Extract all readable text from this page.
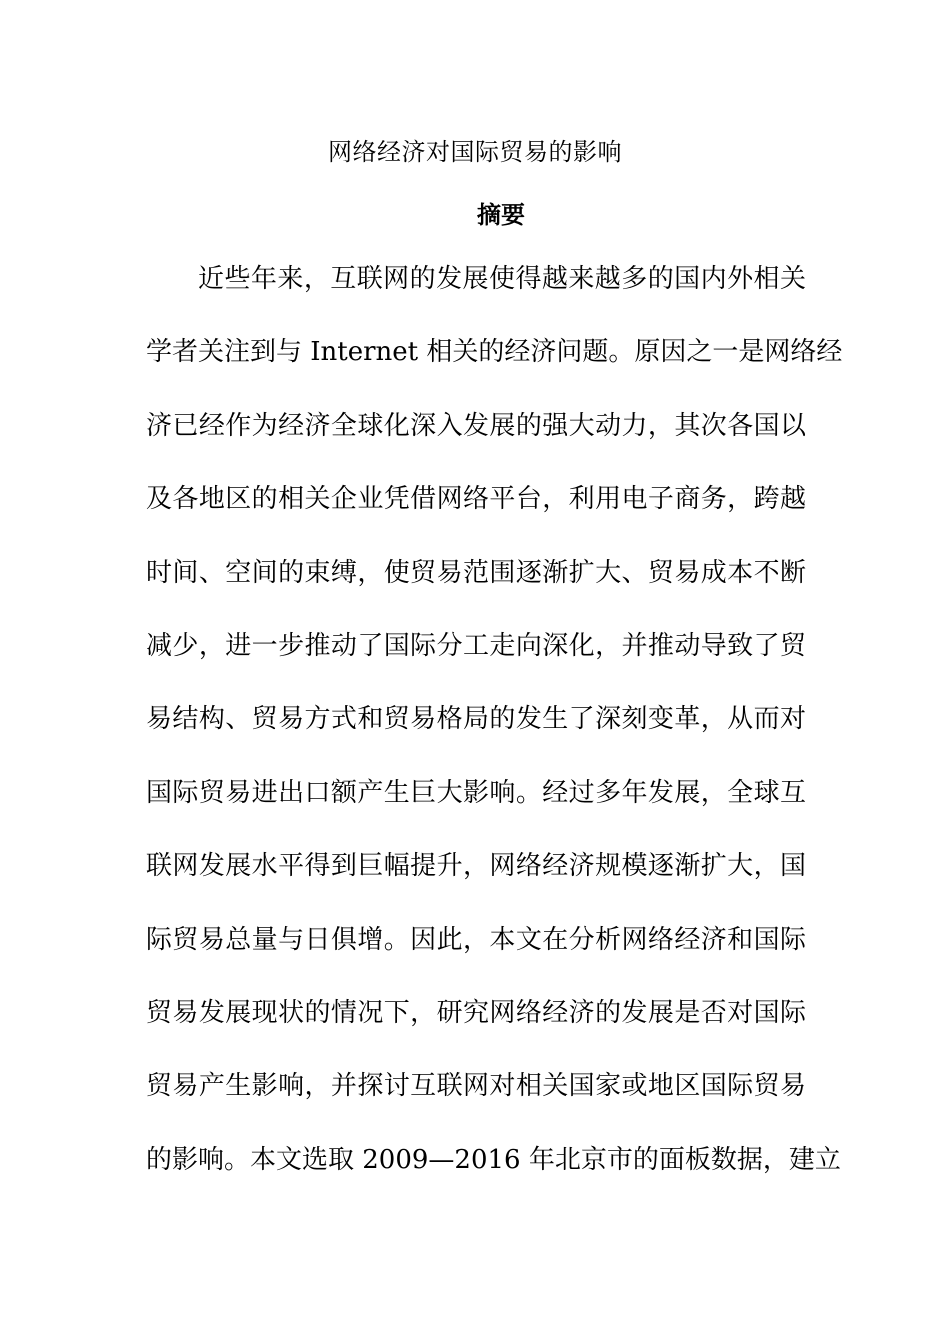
网络经济对国际贸易的影响
摘要
近些年来，互联网的发展使得越来越多的国内外相关
学者关注到与 Internet 相关的经济问题。原因之一是网络经
济已经作为经济全球化深入发展的强大动力，其次各国以
及各地区的相关企业凭借网络平台，利用电子商务，跨越
时间、空间的束缚，使贸易范围逐渐扩大、贸易成本不断
减少，进一步推动了国际分工走向深化，并推动导致了贸
易结构、贸易方式和贸易格局的发生了深刻变革，从而对
国际贸易进出口额产生巨大影响。经过多年发展，全球互
联网发展水平得到巨幅提升，网络经济规模逐渐扩大，国
际贸易总量与日俱增。因此，本文在分析网络经济和国际
贸易发展现状的情况下，研究网络经济的发展是否对国际
贸易产生影响，并探讨互联网对相关国家或地区国际贸易
的影响。本文选取 2009—2016 年北京市的面板数据，建立
